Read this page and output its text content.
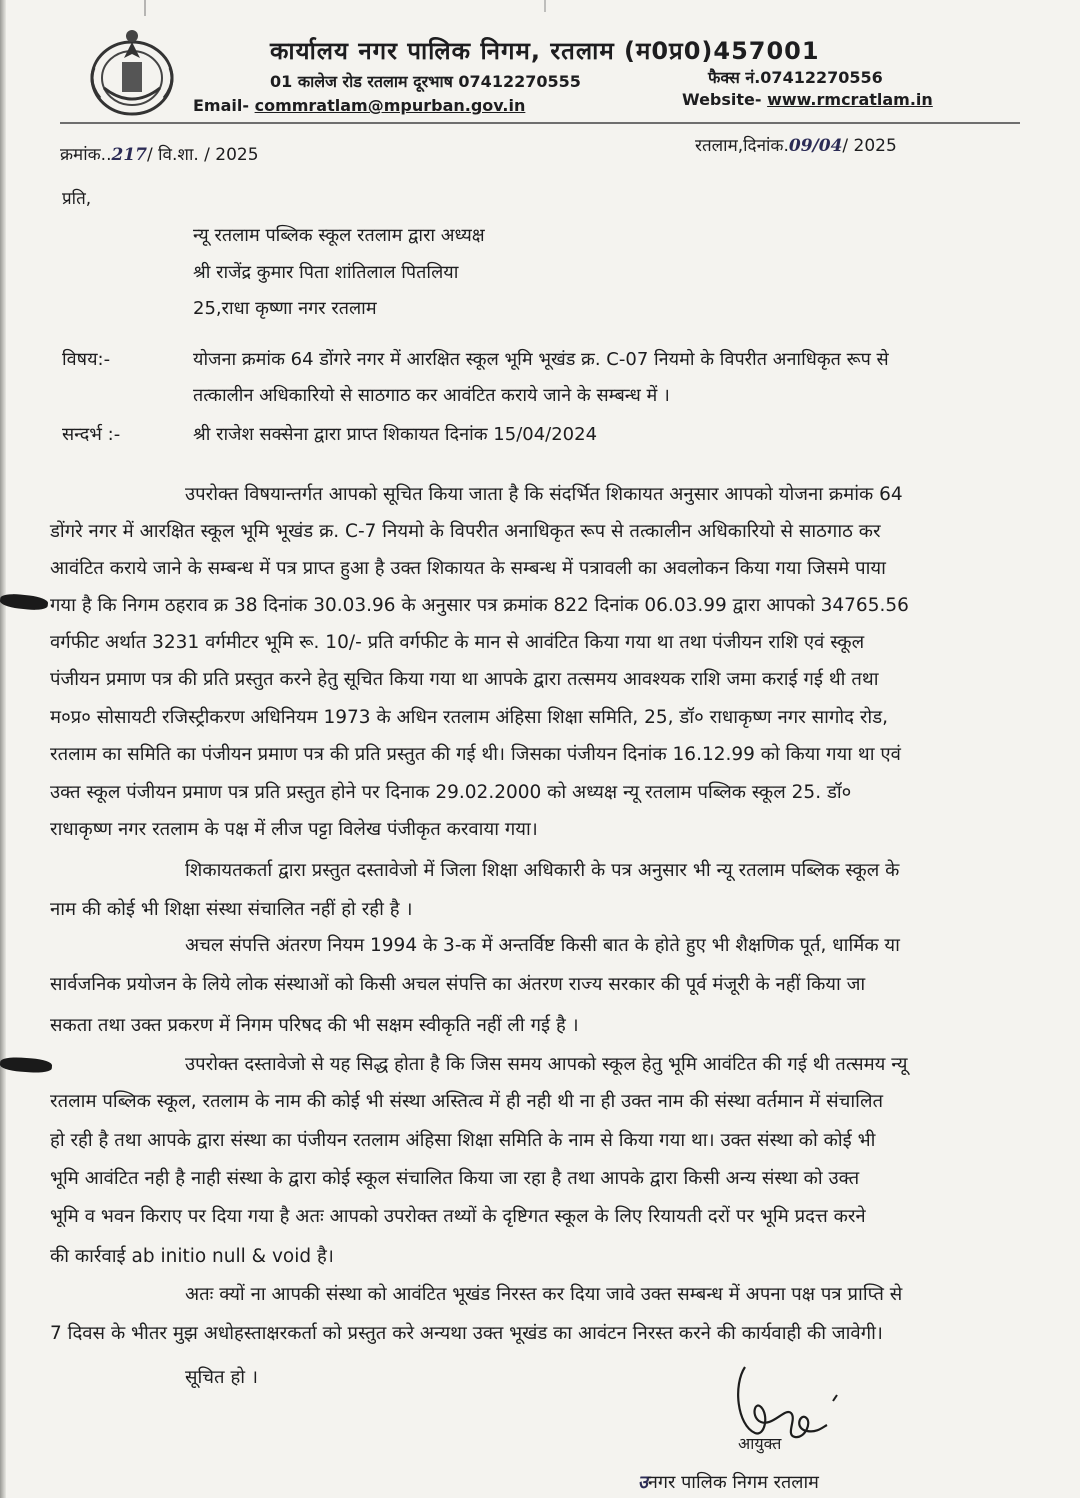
कार्यालय नगर पालिक निगम, रतलाम (म0प्र0)457001
01 कालेज रोड रतलाम दूरभाष 07412270555	फैक्स नं.07412270556
Email- commratlam@mpurban.gov.in	Website- www.rmcratlam.in
क्रमांक..217/ वि.शा. / 2025	रतलाम,दिनांक.09/04/ 2025
प्रति,
न्यू रतलाम पब्लिक स्कूल रतलाम द्वारा अध्यक्ष
श्री राजेंद्र कुमार पिता शांतिलाल पितलिया
25,राधा कृष्णा नगर रतलाम
विषय:-	योजना क्रमांक 64 डोंगरे नगर में आरक्षित स्कूल भूमि भूखंड क्र. C-07 नियमो के विपरीत अनाधिकृत रूप से
तत्कालीन अधिकारियो से साठगाठ कर आवंटित कराये जाने के सम्बन्ध में ।
सन्दर्भ :-	श्री राजेश सक्सेना द्वारा प्राप्त शिकायत दिनांक 15/04/2024
उपरोक्त विषयान्तर्गत आपको सूचित किया जाता है कि संदर्भित शिकायत अनुसार आपको योजना क्रमांक 64
डोंगरे नगर में आरक्षित स्कूल भूमि भूखंड क्र. C-7 नियमो के विपरीत अनाधिकृत रूप से तत्कालीन अधिकारियो से साठगाठ कर
आवंटित कराये जाने के सम्बन्ध में पत्र प्राप्त हुआ है उक्त शिकायत के सम्बन्ध में पत्रावली का अवलोकन किया गया जिसमे पाया
गया है कि निगम ठहराव क्र 38 दिनांक 30.03.96 के अनुसार पत्र क्रमांक 822 दिनांक 06.03.99 द्वारा आपको 34765.56
वर्गफीट अर्थात 3231 वर्गमीटर भूमि रू. 10/- प्रति वर्गफीट के मान से आवंटित किया गया था तथा पंजीयन राशि एवं स्कूल
पंजीयन प्रमाण पत्र की प्रति प्रस्तुत करने हेतु सूचित किया गया था आपके द्वारा तत्समय आवश्यक राशि जमा कराई गई थी तथा
म०प्र० सोसायटी रजिस्ट्रीकरण अधिनियम 1973 के अधिन रतलाम अंहिसा शिक्षा समिति, 25, डॉ० राधाकृष्ण नगर सागोद रोड,
रतलाम का समिति का पंजीयन प्रमाण पत्र की प्रति प्रस्तुत की गई थी। जिसका पंजीयन दिनांक 16.12.99 को किया गया था एवं
उक्त स्कूल पंजीयन प्रमाण पत्र प्रति प्रस्तुत होने पर दिनाक 29.02.2000 को अध्यक्ष न्यू रतलाम पब्लिक स्कूल 25. डॉ०
राधाकृष्ण नगर रतलाम के पक्ष में लीज पट्टा विलेख पंजीकृत करवाया गया।
शिकायतकर्ता द्वारा प्रस्तुत दस्तावेजो में जिला शिक्षा अधिकारी के पत्र अनुसार भी न्यू रतलाम पब्लिक स्कूल के
नाम की कोई भी शिक्षा संस्था संचालित नहीं हो रही है ।
अचल संपत्ति अंतरण नियम 1994 के 3-क में अन्तर्विष्ट किसी बात के होते हुए भी शैक्षणिक पूर्त, धार्मिक या
सार्वजनिक प्रयोजन के लिये लोक संस्थाओं को किसी अचल संपत्ति का अंतरण राज्य सरकार की पूर्व मंजूरी के नहीं किया जा
सकता तथा उक्त प्रकरण में निगम परिषद की भी सक्षम स्वीकृति नहीं ली गई है ।
उपरोक्त दस्तावेजो से यह सिद्ध होता है कि जिस समय आपको स्कूल हेतु भूमि आवंटित की गई थी तत्समय न्यू
रतलाम पब्लिक स्कूल, रतलाम के नाम की कोई भी संस्था अस्तित्व में ही नही थी ना ही उक्त नाम की संस्था वर्तमान में संचालित
हो रही है तथा आपके द्वारा संस्था का पंजीयन रतलाम अंहिसा शिक्षा समिति के नाम से किया गया था। उक्त संस्था को कोई भी
भूमि आवंटित नही है नाही संस्था के द्वारा कोई स्कूल संचालित किया जा रहा है तथा आपके द्वारा किसी अन्य संस्था को उक्त
भूमि व भवन किराए पर दिया गया है अतः आपको उपरोक्त तथ्यों के दृष्टिगत स्कूल के लिए रियायती दरों पर भूमि प्रदत्त करने
की कार्रवाई ab initio null & void है।
अतः क्यों ना आपकी संस्था को आवंटित भूखंड निरस्त कर दिया जावे उक्त सम्बन्ध में अपना पक्ष पत्र प्राप्ति से
7 दिवस के भीतर मुझ अधोहस्ताक्षरकर्ता को प्रस्तुत करे अन्यथा उक्त भूखंड का आवंटन निरस्त करने की कार्यवाही की जावेगी।
सूचित हो ।
आयुक्त
उनगर पालिक निगम रतलाम
